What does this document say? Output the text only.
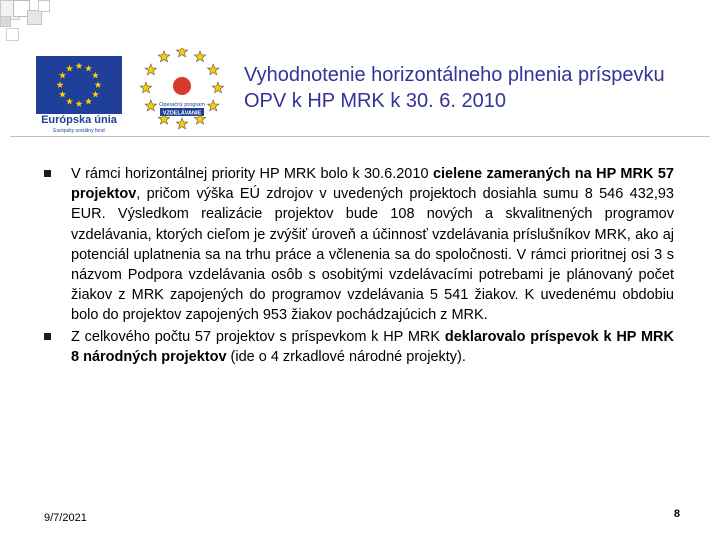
Európska únia
Európsky sociálny fond
Operačný program
VZDELÁVANIE
Vyhodnotenie horizontálneho plnenia príspevku OPV k HP MRK k 30. 6. 2010
V rámci horizontálnej priority HP MRK bolo k 30.6.2010 cielene zameraných na HP MRK 57 projektov, pričom výška EÚ zdrojov v uvedených projektoch dosiahla sumu 8 546 432,93 EUR. Výsledkom realizácie projektov bude 108 nových a skvalitnených programov vzdelávania, ktorých cieľom je zvýšiť úroveň a účinnosť vzdelávania príslušníkov MRK, ako aj potenciál uplatnenia sa na trhu práce a včlenenia sa do spoločnosti. V rámci prioritnej osi 3 s názvom Podpora vzdelávania osôb s osobitými vzdelávacími potrebami je plánovaný počet žiakov z MRK zapojených do programov vzdelávania 5 541 žiakov. K uvedenému obdobiu bolo do projektov zapojených 953 žiakov pochádzajúcich z MRK.
Z celkového počtu 57 projektov s príspevkom k HP MRK deklarovalo príspevok k HP MRK 8 národných projektov (ide o 4 zrkadlové národné projekty).
9/7/2021	8
